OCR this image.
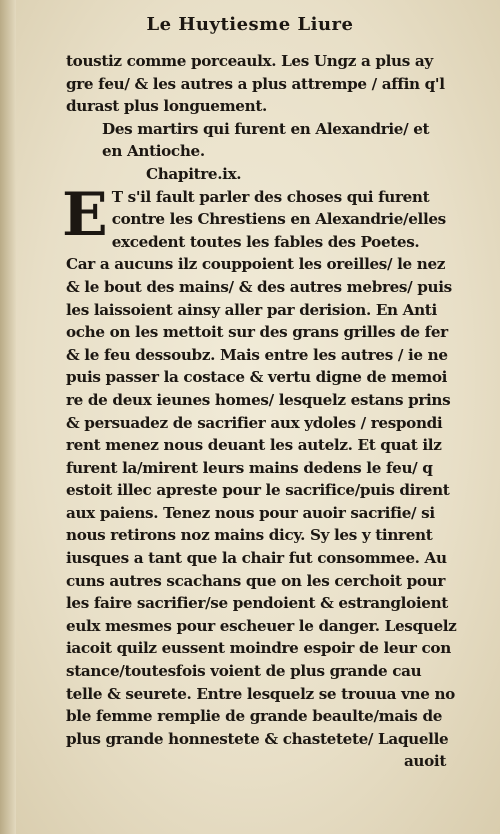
Le Huytiesme Liure
toustiz comme porceaulx. Les Ungz a plus ay
gre feu/ & les autres a plus attrempe / affin q'l
durast plus longuement.
Des martirs qui furent en Alexandrie/ et
en Antioche.
Chapitre.ix.
E T s'il fault parler des choses qui furent
contre les Chrestiens en Alexandrie/elles
excedent toutes les fables des Poetes.
Car a aucuns ilz couppoient les oreilles/ le nez
& le bout des mains/ & des autres mebres/ puis
les laissoient ainsy aller par derision. En Anti
oche on les mettoit sur des grans grilles de fer
& le feu dessoubz. Mais entre les autres / ie ne
puis passer la costace & vertu digne de memoi
re de deux ieunes homes/ lesquelz estans prins
& persuadez de sacrifier aux ydoles / respondi
rent menez nous deuant les autelz. Et quat ilz
furent la/mirent leurs mains dedens le feu/ q
estoit illec apreste pour le sacrifice/puis dirent
aux paiens. Tenez nous pour auoir sacrifie/ si
nous retirons noz mains dicy. Sy les y tinrent
iusques a tant que la chair fut consommee. Au
cuns autres scachans que on les cerchoit pour
les faire sacrifier/se pendoient & estrangloient
eulx mesmes pour escheuer le danger. Lesquelz
iacoit quilz eussent moindre espoir de leur con
stance/toutesfois voient de plus grande cau
telle & seurete. Entre lesquelz se trouua vne no
ble femme remplie de grande beaulte/mais de
plus grande honnestete & chastetete/ Laquelle
auoit
